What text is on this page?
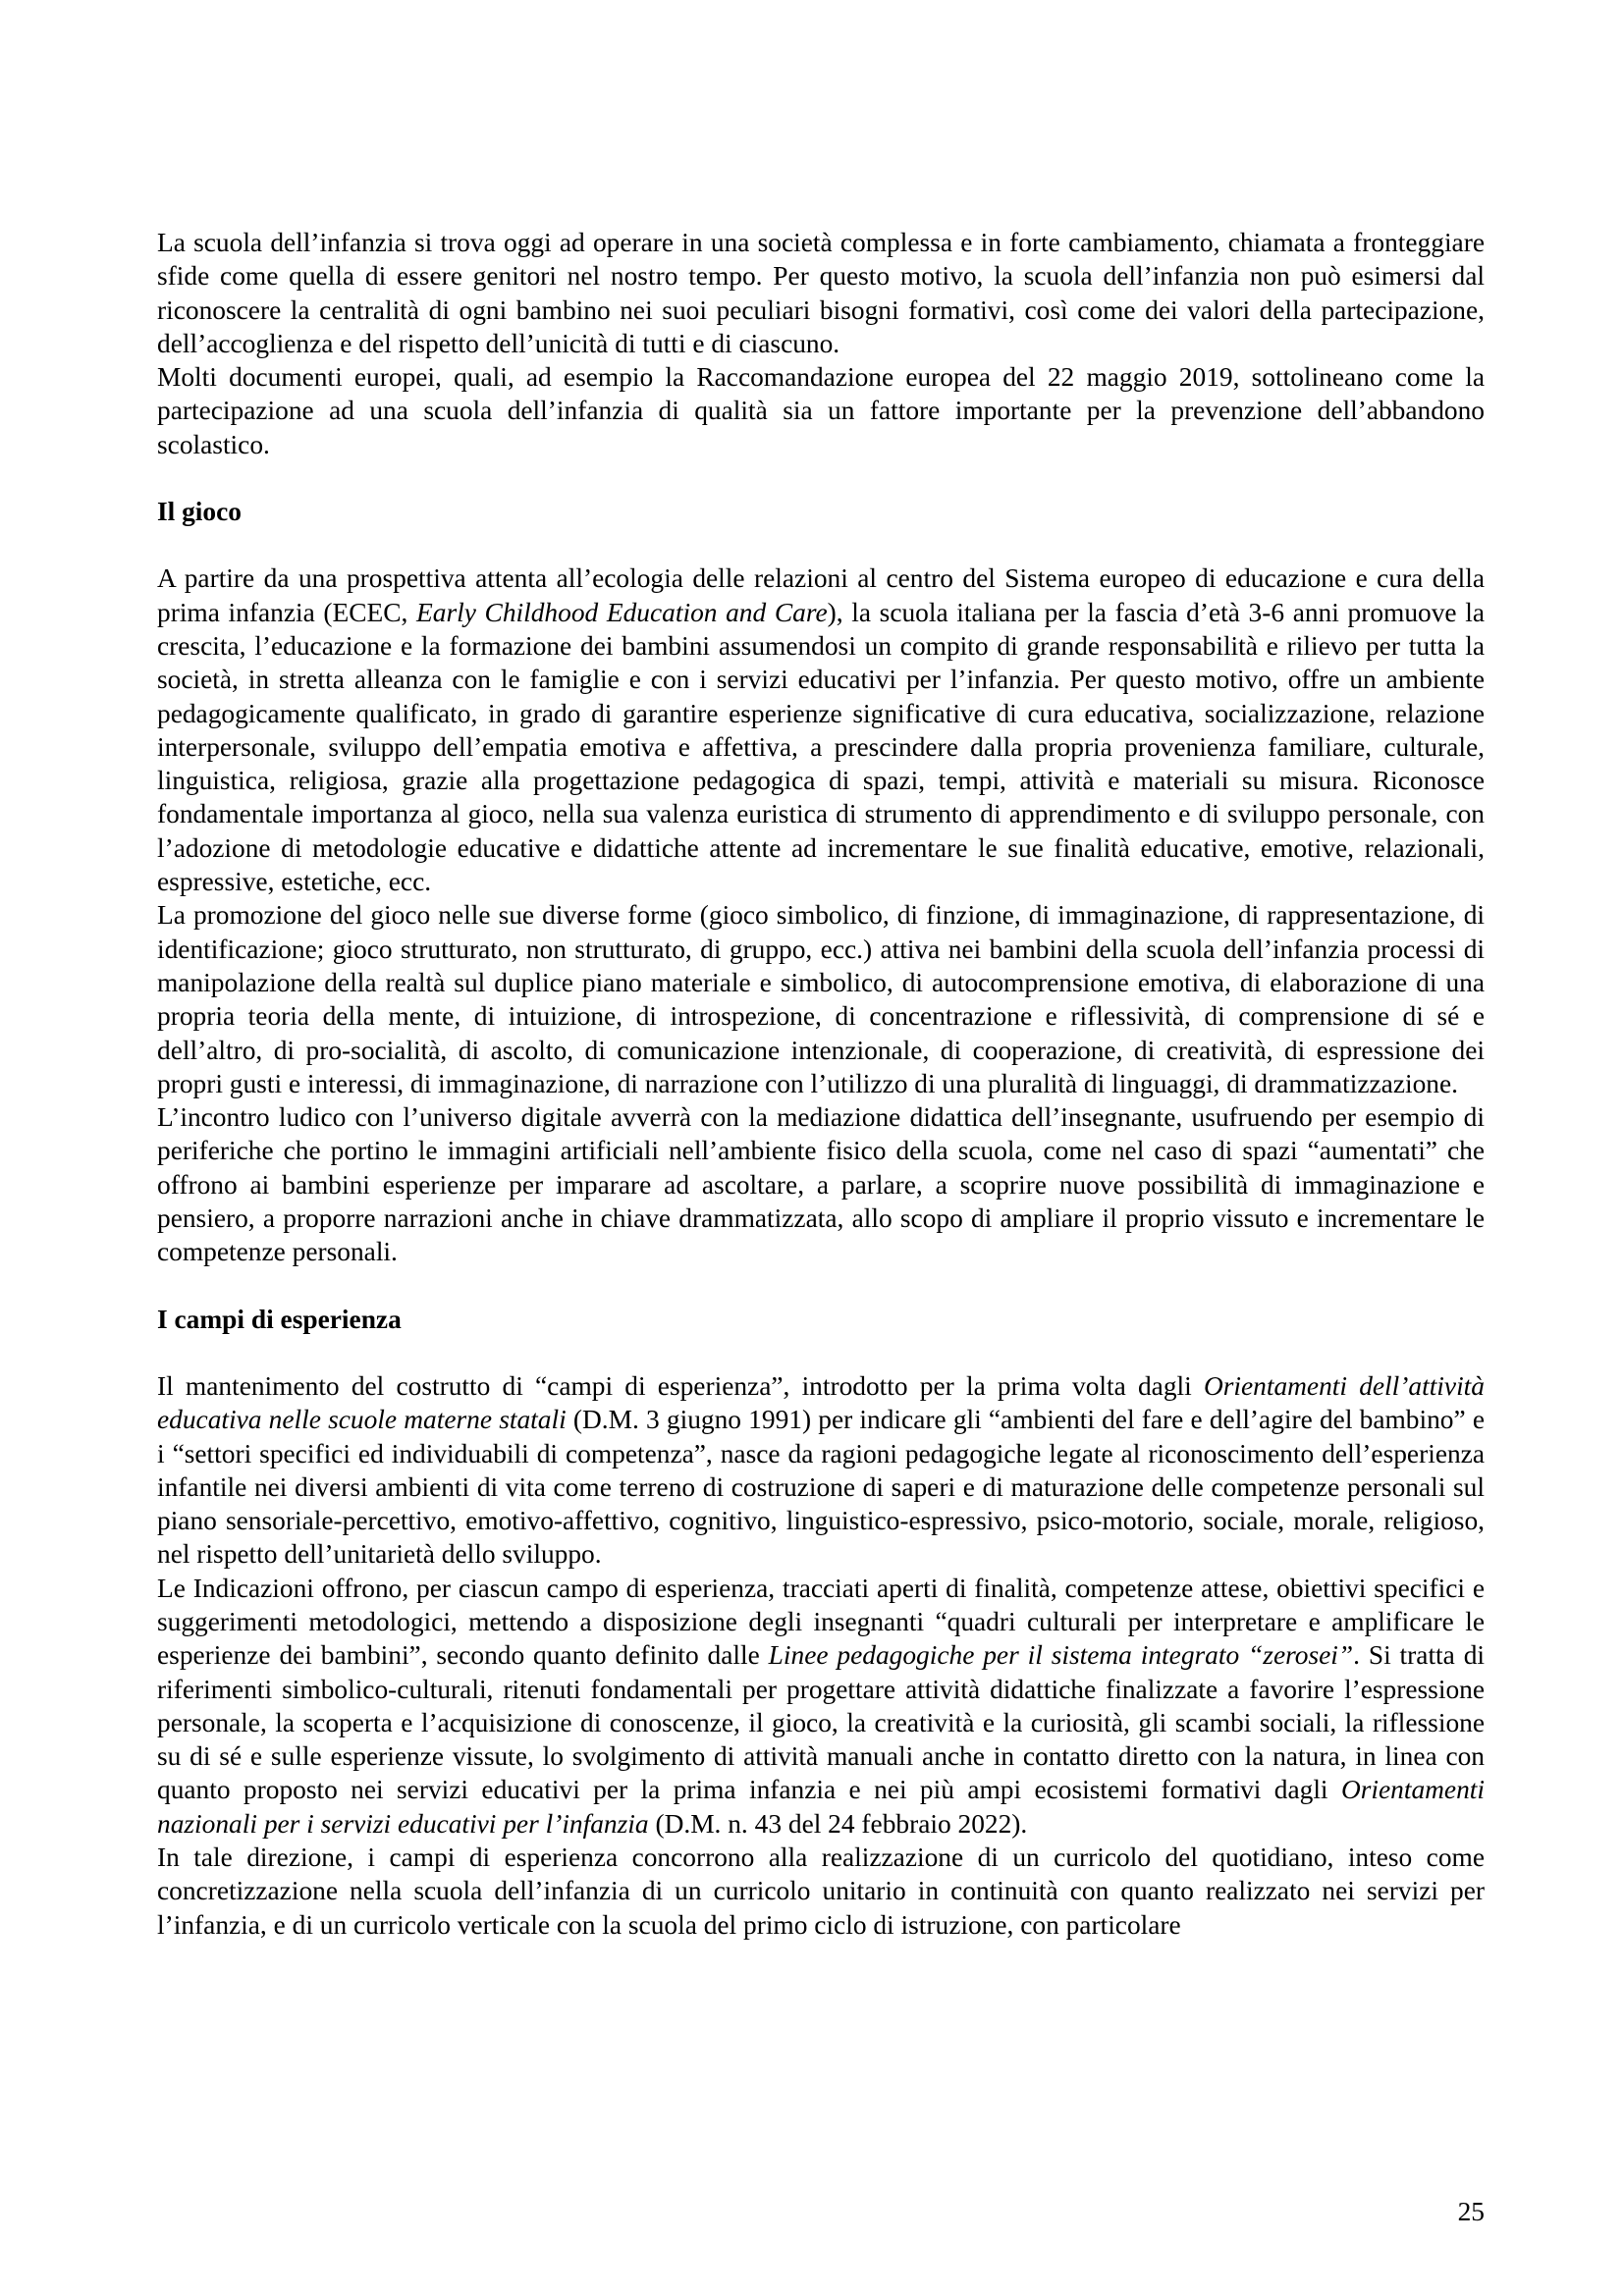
La scuola dell’infanzia si trova oggi ad operare in una società complessa e in forte cambiamento, chiamata a fronteggiare sfide come quella di essere genitori nel nostro tempo. Per questo motivo, la scuola dell’infanzia non può esimersi dal riconoscere la centralità di ogni bambino nei suoi peculiari bisogni formativi, così come dei valori della partecipazione, dell’accoglienza e del rispetto dell’unicità di tutti e di ciascuno.

Molti documenti europei, quali, ad esempio la Raccomandazione europea del 22 maggio 2019, sottolineano come la partecipazione ad una scuola dell’infanzia di qualità sia un fattore importante per la prevenzione dell’abbandono scolastico.

Il gioco

A partire da una prospettiva attenta all’ecologia delle relazioni al centro del Sistema europeo di educazione e cura della prima infanzia (ECEC, Early Childhood Education and Care), la scuola italiana per la fascia d’età 3-6 anni promuove la crescita, l’educazione e la formazione dei bambini assumendosi un compito di grande responsabilità e rilievo per tutta la società, in stretta alleanza con le famiglie e con i servizi educativi per l’infanzia. Per questo motivo, offre un ambiente pedagogicamente qualificato, in grado di garantire esperienze significative di cura educativa, socializzazione, relazione interpersonale, sviluppo dell’empatia emotiva e affettiva, a prescindere dalla propria provenienza familiare, culturale, linguistica, religiosa, grazie alla progettazione pedagogica di spazi, tempi, attività e materiali su misura. Riconosce fondamentale importanza al gioco, nella sua valenza euristica di strumento di apprendimento e di sviluppo personale, con l’adozione di metodologie educative e didattiche attente ad incrementare le sue finalità educative, emotive, relazionali, espressive, estetiche, ecc.

La promozione del gioco nelle sue diverse forme (gioco simbolico, di finzione, di immaginazione, di rappresentazione, di identificazione; gioco strutturato, non strutturato, di gruppo, ecc.) attiva nei bambini della scuola dell’infanzia processi di manipolazione della realtà sul duplice piano materiale e simbolico, di autocomprensione emotiva, di elaborazione di una propria teoria della mente, di intuizione, di introspezione, di concentrazione e riflessività, di comprensione di sé e dell’altro, di pro-socialità, di ascolto, di comunicazione intenzionale, di cooperazione, di creatività, di espressione dei propri gusti e interessi, di immaginazione, di narrazione con l’utilizzo di una pluralità di linguaggi, di drammatizzazione.

L’incontro ludico con l’universo digitale avverrà con la mediazione didattica dell’insegnante, usufruendo per esempio di periferiche che portino le immagini artificiali nell’ambiente fisico della scuola, come nel caso di spazi “aumentati” che offrono ai bambini esperienze per imparare ad ascoltare, a parlare, a scoprire nuove possibilità di immaginazione e pensiero, a proporre narrazioni anche in chiave drammatizzata, allo scopo di ampliare il proprio vissuto e incrementare le competenze personali.

I campi di esperienza

Il mantenimento del costrutto di “campi di esperienza”, introdotto per la prima volta dagli Orientamenti dell’attività educativa nelle scuole materne statali (D.M. 3 giugno 1991) per indicare gli “ambienti del fare e dell’agire del bambino” e i “settori specifici ed individuabili di competenza”, nasce da ragioni pedagogiche legate al riconoscimento dell’esperienza infantile nei diversi ambienti di vita come terreno di costruzione di saperi e di maturazione delle competenze personali sul piano sensoriale-percettivo, emotivo-affettivo, cognitivo, linguistico-espressivo, psico-motorio, sociale, morale, religioso, nel rispetto dell’unitarietà dello sviluppo.

Le Indicazioni offrono, per ciascun campo di esperienza, tracciati aperti di finalità, competenze attese, obiettivi specifici e suggerimenti metodologici, mettendo a disposizione degli insegnanti “quadri culturali per interpretare e amplificare le esperienze dei bambini”, secondo quanto definito dalle Linee pedagogiche per il sistema integrato “zerosei”. Si tratta di riferimenti simbolico-culturali, ritenuti fondamentali per progettare attività didattiche finalizzate a favorire l’espressione personale, la scoperta e l’acquisizione di conoscenze, il gioco, la creatività e la curiosità, gli scambi sociali, la riflessione su di sé e sulle esperienze vissute, lo svolgimento di attività manuali anche in contatto diretto con la natura, in linea con quanto proposto nei servizi educativi per la prima infanzia e nei più ampi ecosistemi formativi dagli Orientamenti nazionali per i servizi educativi per l’infanzia (D.M. n. 43 del 24 febbraio 2022).

In tale direzione, i campi di esperienza concorrono alla realizzazione di un curricolo del quotidiano, inteso come concretizzazione nella scuola dell’infanzia di un curricolo unitario in continuità con quanto realizzato nei servizi per l’infanzia, e di un curricolo verticale con la scuola del primo ciclo di istruzione, con particolare

25
